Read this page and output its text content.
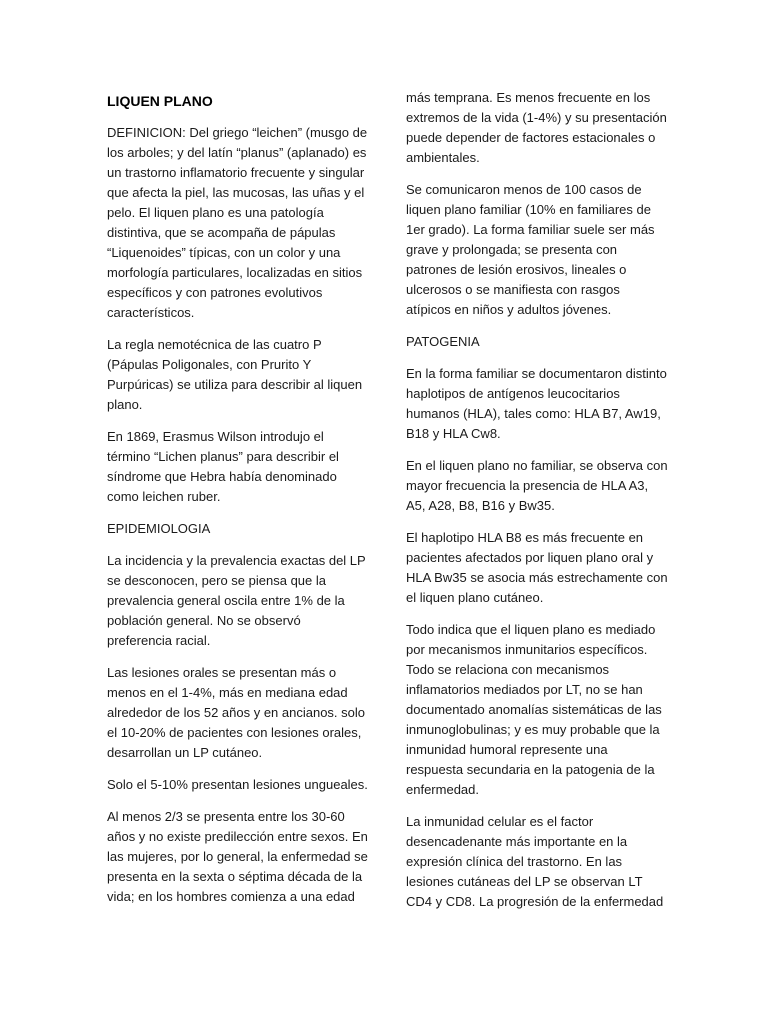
LIQUEN PLANO

DEFINICION: Del griego “leichen” (musgo de los arboles; y del latín “planus” (aplanado) es un trastorno inflamatorio frecuente y singular que afecta la piel, las mucosas, las uñas y el pelo. El liquen plano es una patología distintiva, que se acompaña de pápulas “Liquenoides” típicas, con un color y una morfología particulares, localizadas en sitios específicos y con patrones evolutivos característicos.

La regla nemotécnica de las cuatro P (Pápulas Poligonales, con Prurito Y Purpúricas) se utiliza para describir al liquen plano.

En 1869, Erasmus Wilson introdujo el término “Lichen planus” para describir el síndrome que Hebra había denominado como leichen ruber.

EPIDEMIOLOGIA

La incidencia y la prevalencia exactas del LP se desconocen, pero se piensa que la prevalencia general oscila entre 1% de la población general. No se observó preferencia racial.

Las lesiones orales se presentan más o menos en el 1-4%, más en mediana edad alrededor de los 52 años y en ancianos. solo el 10-20% de pacientes con lesiones orales, desarrollan un LP cutáneo.

Solo el 5-10% presentan lesiones ungueales.

Al menos 2/3 se presenta entre los 30-60 años y no existe predilección entre sexos. En las mujeres, por lo general, la enfermedad se presenta en la sexta o séptima década de la vida; en los hombres comienza a una edad

más temprana. Es menos frecuente en los extremos de la vida (1-4%) y su presentación puede depender de factores estacionales o ambientales.

Se comunicaron menos de 100 casos de liquen plano familiar (10% en familiares de 1er grado). La forma familiar suele ser más grave y prolongada; se presenta con patrones de lesión erosivos, lineales o ulcerosos o se manifiesta con rasgos atípicos en niños y adultos jóvenes.

PATOGENIA

En la forma familiar se documentaron distinto haplotipos de antígenos leucocitarios humanos (HLA), tales como: HLA B7, Aw19, B18 y HLA Cw8.

En el liquen plano no familiar, se observa con mayor frecuencia la presencia de HLA A3, A5, A28, B8, B16 y Bw35.

El haplotipo HLA B8 es más frecuente en pacientes afectados por liquen plano oral y HLA Bw35 se asocia más estrechamente con el liquen plano cutáneo.

Todo indica que el liquen plano es mediado por mecanismos inmunitarios específicos. Todo se relaciona con mecanismos inflamatorios mediados por LT, no se han documentado anomalías sistemáticas de las inmunoglobulinas; y es muy probable que la inmunidad humoral represente una respuesta secundaria en la patogenia de la enfermedad.

La inmunidad celular es el factor desencadenante más importante en la expresión clínica del trastorno. En las lesiones cutáneas del LP se observan LT CD4 y CD8. La progresión de la enfermedad
